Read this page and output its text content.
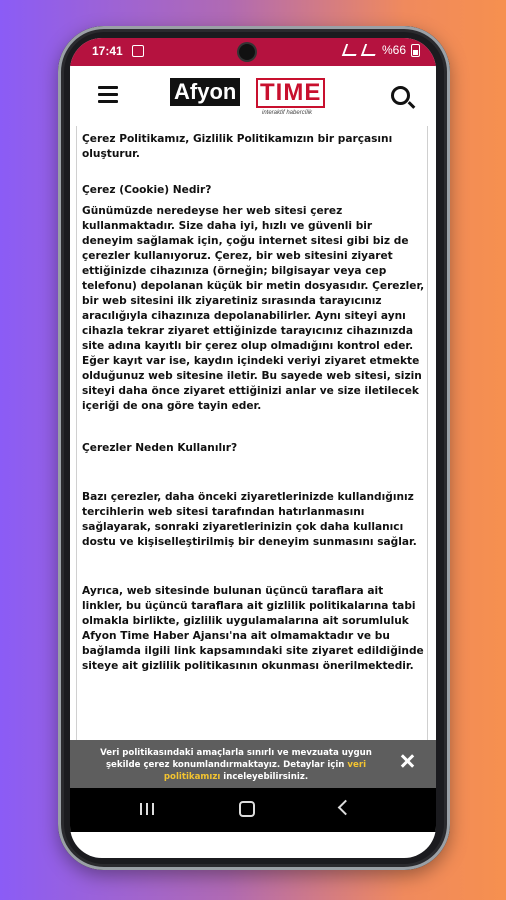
17:41	%66
Afyon TIME
interaktif habercílik

Çerez Politikamız, Gizlilik Politikamızın bir parçasını oluşturur.

Çerez (Cookie) Nedir?

Günümüzde neredeyse her web sitesi çerez kullanmaktadır. Size daha iyi, hızlı ve güvenli bir deneyim sağlamak için, çoğu internet sitesi gibi biz de çerezler kullanıyoruz. Çerez, bir web sitesini ziyaret ettiğinizde cihazınıza (örneğin; bilgisayar veya cep telefonu) depolanan küçük bir metin dosyasıdır. Çerezler, bir web sitesini ilk ziyaretiniz sırasında tarayıcınız aracılığıyla cihazınıza depolanabilirler. Aynı siteyi aynı cihazla tekrar ziyaret ettiğinizde tarayıcınız cihazınızda site adına kayıtlı bir çerez olup olmadığını kontrol eder. Eğer kayıt var ise, kaydın içindeki veriyi ziyaret etmekte olduğunuz web sitesine iletir. Bu sayede web sitesi, sizin siteyi daha önce ziyaret ettiğinizi anlar ve size iletilecek içeriği de ona göre tayin eder.

Çerezler Neden Kullanılır?

Bazı çerezler, daha önceki ziyaretlerinizde kullandığınız tercihlerin web sitesi tarafından hatırlanmasını sağlayarak, sonraki ziyaretlerinizin çok daha kullanıcı dostu ve kişiselleştirilmiş bir deneyim sunmasını sağlar.

Ayrıca, web sitesinde bulunan üçüncü taraflara ait linkler, bu üçüncü taraflara ait gizlilik politikalarına tabi olmakla birlikte, gizlilik uygulamalarına ait sorumluluk Afyon Time Haber Ajansı'na ait olmamaktadır ve bu bağlamda ilgili link kapsamındaki site ziyaret edildiğinde siteye ait gizlilik politikasının okunması önerilmektedir.

Veri politikasındaki amaçlarla sınırlı ve mevzuata uygun şekilde çerez konumlandırmaktayız. Detaylar için veri politikamızı inceleyebilirsiniz.
